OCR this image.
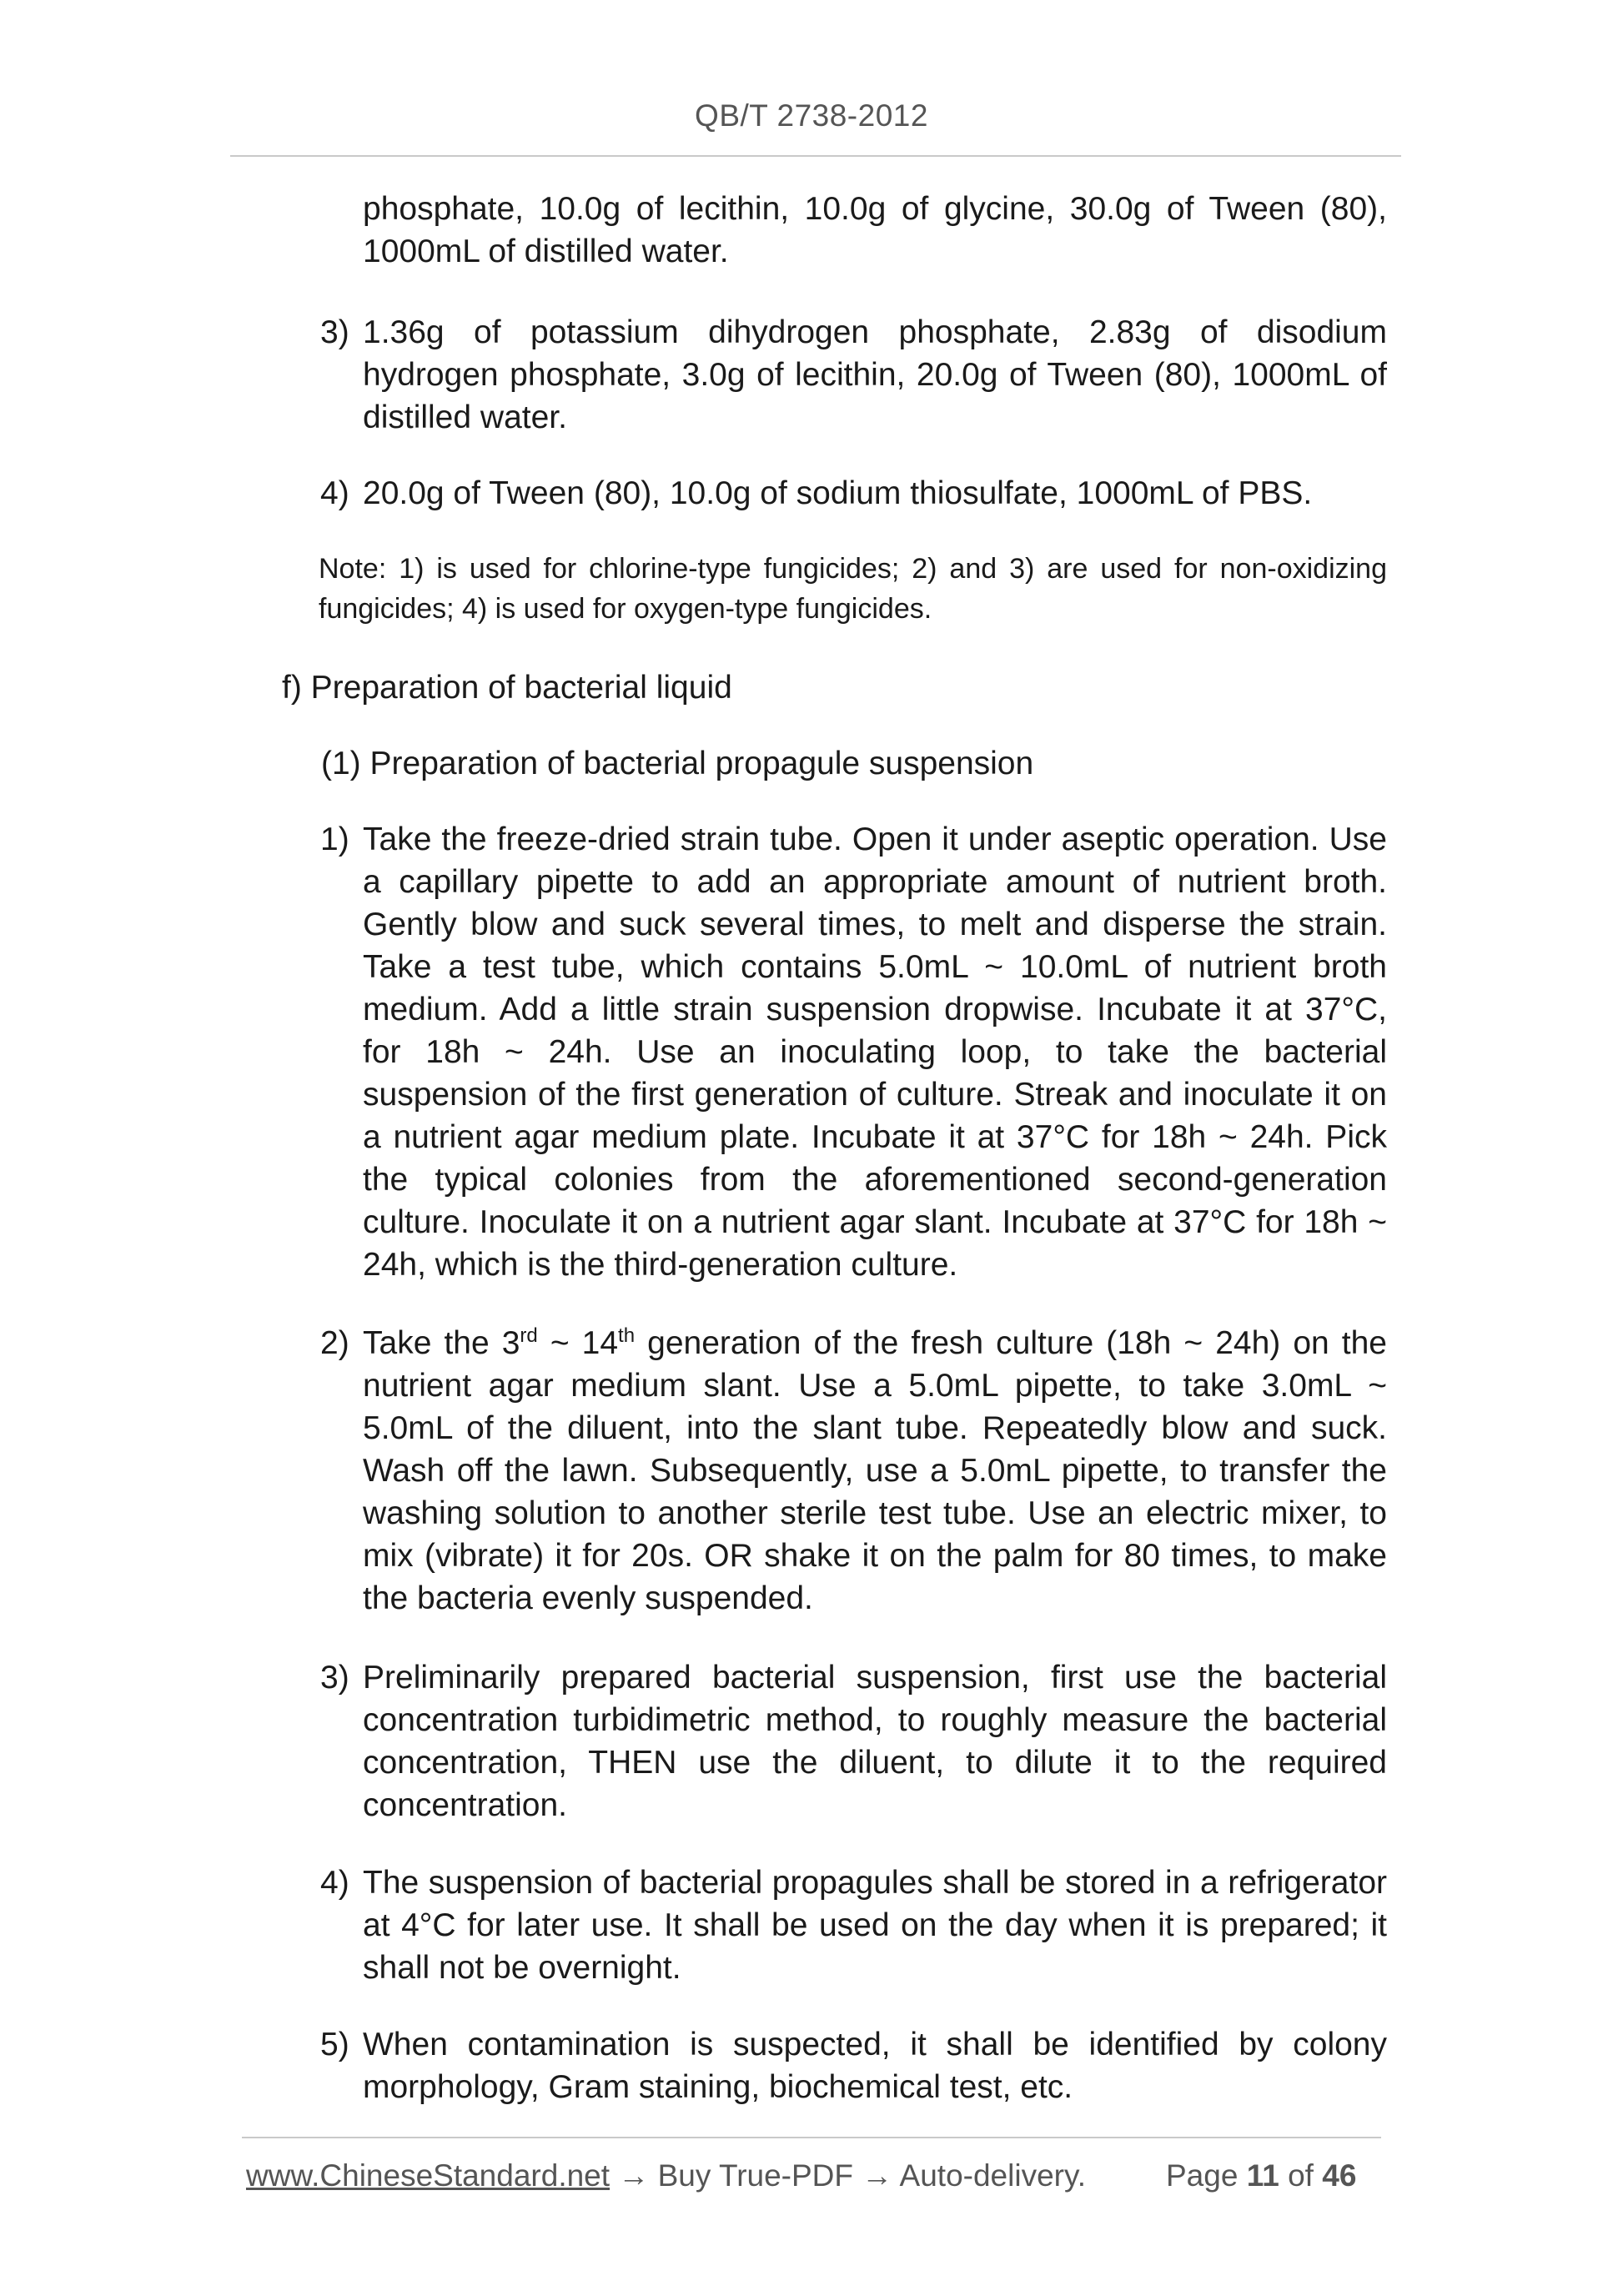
QB/T 2738-2012
phosphate, 10.0g of lecithin, 10.0g of glycine, 30.0g of Tween (80), 1000mL of distilled water.
3) 1.36g of potassium dihydrogen phosphate, 2.83g of disodium hydrogen phosphate, 3.0g of lecithin, 20.0g of Tween (80), 1000mL of distilled water.
4) 20.0g of Tween (80), 10.0g of sodium thiosulfate, 1000mL of PBS.
Note: 1) is used for chlorine-type fungicides; 2) and 3) are used for non-oxidizing fungicides; 4) is used for oxygen-type fungicides.
f) Preparation of bacterial liquid
(1) Preparation of bacterial propagule suspension
1) Take the freeze-dried strain tube. Open it under aseptic operation. Use a capillary pipette to add an appropriate amount of nutrient broth. Gently blow and suck several times, to melt and disperse the strain. Take a test tube, which contains 5.0mL ~ 10.0mL of nutrient broth medium. Add a little strain suspension dropwise. Incubate it at 37°C, for 18h ~ 24h. Use an inoculating loop, to take the bacterial suspension of the first generation of culture. Streak and inoculate it on a nutrient agar medium plate. Incubate it at 37°C for 18h ~ 24h. Pick the typical colonies from the aforementioned second-generation culture. Inoculate it on a nutrient agar slant. Incubate at 37°C for 18h ~ 24h, which is the third-generation culture.
2) Take the 3rd ~ 14th generation of the fresh culture (18h ~ 24h) on the nutrient agar medium slant. Use a 5.0mL pipette, to take 3.0mL ~ 5.0mL of the diluent, into the slant tube. Repeatedly blow and suck. Wash off the lawn. Subsequently, use a 5.0mL pipette, to transfer the washing solution to another sterile test tube. Use an electric mixer, to mix (vibrate) it for 20s. OR shake it on the palm for 80 times, to make the bacteria evenly suspended.
3) Preliminarily prepared bacterial suspension, first use the bacterial concentration turbidimetric method, to roughly measure the bacterial concentration, THEN use the diluent, to dilute it to the required concentration.
4) The suspension of bacterial propagules shall be stored in a refrigerator at 4°C for later use. It shall be used on the day when it is prepared; it shall not be overnight.
5) When contamination is suspected, it shall be identified by colony morphology, Gram staining, biochemical test, etc.
www.ChineseStandard.net → Buy True-PDF → Auto-delivery.	Page 11 of 46
